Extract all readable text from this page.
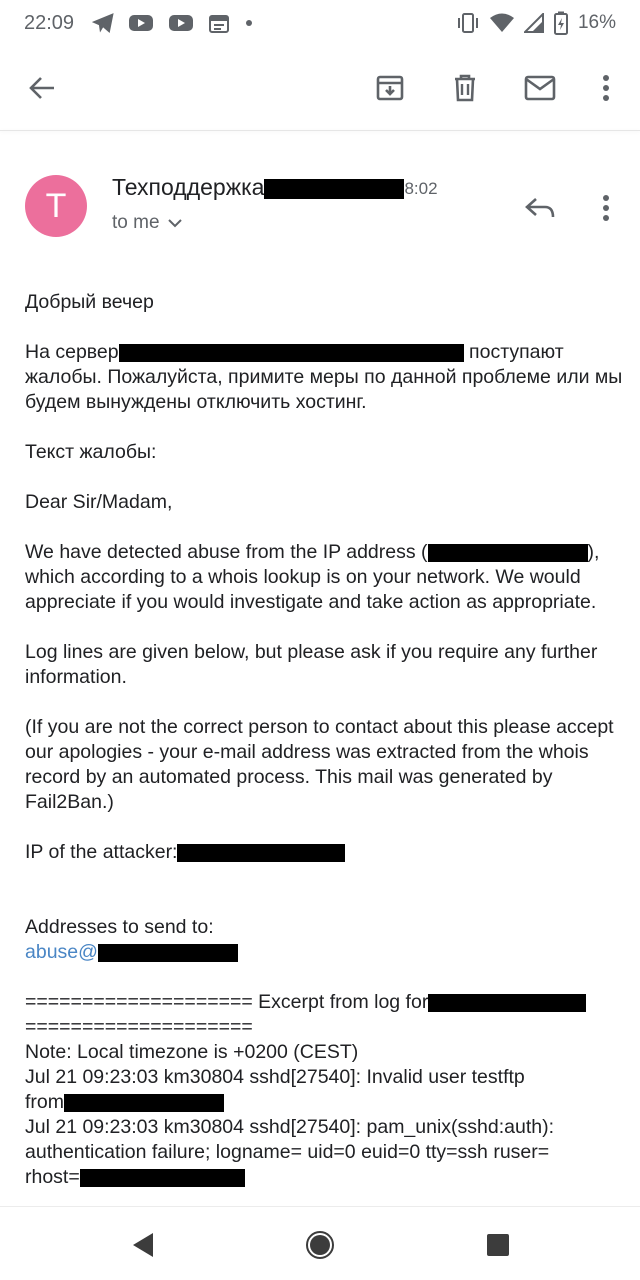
22:09	16%
T	Техподдержка	8:02
to me

Добрый вечер

На сервер	поступают жалобы. Пожалуйста, примите меры по данной проблеме или мы будем вынуждены отключить хостинг.

Текст жалобы:

Dear Sir/Madam,

We have detected abuse from the IP address (	), which according to a whois lookup is on your network. We would appreciate if you would investigate and take action as appropriate.

Log lines are given below, but please ask if you require any further information.

(If you are not the correct person to contact about this please accept our apologies - your e-mail address was extracted from the whois record by an automated process. This mail was generated by Fail2Ban.)

IP of the attacker:

Addresses to send to:

abuse@

==================== Excerpt from log for

====================

Note: Local timezone is +0200 (CEST)

Jul 21 09:23:03 km30804 sshd[27540]: Invalid user testftp

from

Jul 21 09:23:03 km30804 sshd[27540]: pam_unix(sshd:auth): authentication failure; logname= uid=0 euid=0 tty=ssh ruser=

rhost=
